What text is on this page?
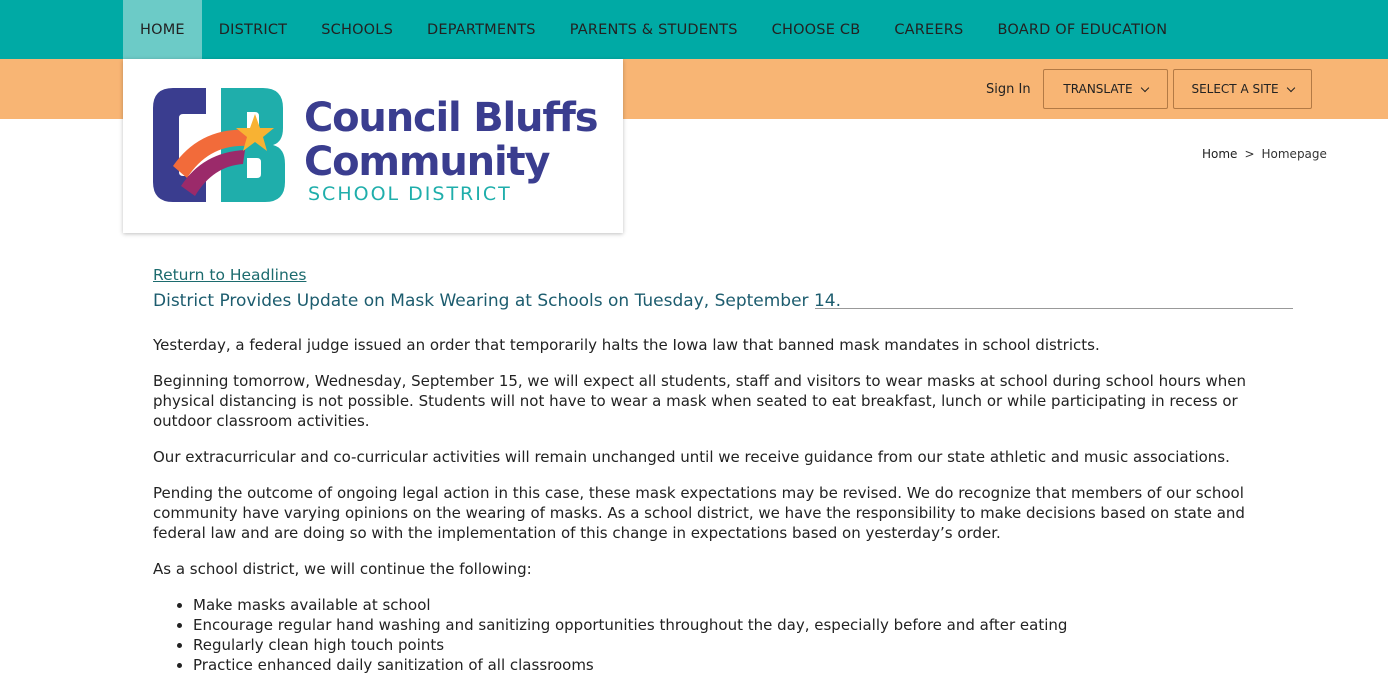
HOME	DISTRICT	SCHOOLS	DEPARTMENTS	PARENTS & STUDENTS	CHOOSE CB	CAREERS	BOARD OF EDUCATION
Council Bluffs
Community
SCHOOL DISTRICT
Sign In	TRANSLATE	SELECT A SITE
Home > Homepage
Return to Headlines
District Provides Update on Mask Wearing at Schools on Tuesday, September 14.

Yesterday, a federal judge issued an order that temporarily halts the Iowa law that banned mask mandates in school districts.

Beginning tomorrow, Wednesday, September 15, we will expect all students, staff and visitors to wear masks at school during school hours when physical distancing is not possible. Students will not have to wear a mask when seated to eat breakfast, lunch or while participating in recess or outdoor classroom activities.

Our extracurricular and co-curricular activities will remain unchanged until we receive guidance from our state athletic and music associations.

Pending the outcome of ongoing legal action in this case, these mask expectations may be revised. We do recognize that members of our school community have varying opinions on the wearing of masks. As a school district, we have the responsibility to make decisions based on state and federal law and are doing so with the implementation of this change in expectations based on yesterday’s order.

As a school district, we will continue the following:

• Make masks available at school
• Encourage regular hand washing and sanitizing opportunities throughout the day, especially before and after eating
• Regularly clean high touch points
• Practice enhanced daily sanitization of all classrooms
